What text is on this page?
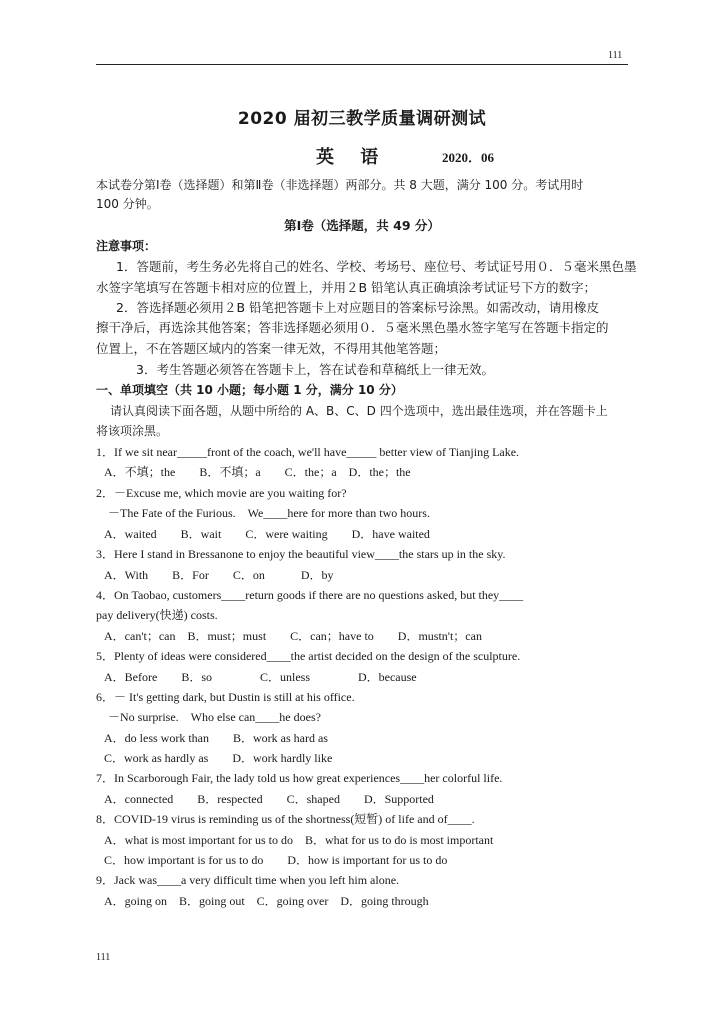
111
2020 届初三教学质量调研测试
英 语	2020．06
本试卷分第Ⅰ卷（选择题）和第Ⅱ卷（非选择题）两部分。共 8 大题，满分 100 分。考试用时
100 分钟。
第Ⅰ卷（选择题，共 49 分）
注意事项：
1．答题前，考生务必先将自己的姓名、学校、考场号、座位号、考试证号用０．５毫米黑色墨
水签字笔填写在答题卡相对应的位置上，并用２B 铅笔认真正确填涂考试证号下方的数字；
2．答选择题必须用２B 铅笔把答题卡上对应题目的答案标号涂黑。如需改动，请用橡皮
擦干净后，再选涂其他答案；答非选择题必须用０．５毫米黑色墨水签字笔写在答题卡指定的
位置上，不在答题区域内的答案一律无效，不得用其他笔答题；
3．考生答题必须答在答题卡上，答在试卷和草稿纸上一律无效。
一、单项填空（共 10 小题；每小题 1 分，满分 10 分）
请认真阅读下面各题，从题中所给的 A、B、C、D 四个选项中，选出最佳选项，并在答题卡上
将该项涂黑。
1．If we sit near_____front of the coach, we'll have_____ better view of Tianjing Lake.
A．不填；the　　B．不填；a　　C．the；a　D．the；the
2．－Excuse me, which movie are you waiting for?
－The Fate of the Furious.　We____here for more than two hours.
A．waited　　B．wait　　C．were waiting　　D．have waited
3．Here I stand in Bressanone to enjoy the beautiful view____the stars up in the sky.
A．With　　B．For　　C．on　　　D．by
4．On Taobao, customers____return goods if there are no questions asked, but they____
pay delivery(快递) costs.
A．can't；can　B．must；must　　C．can；have to　　D．mustn't；can
5．Plenty of ideas were considered____the artist decided on the design of the sculpture.
A．Before　　B．so　　　　C．unless　　　　D．because
6．－ It's getting dark, but Dustin is still at his office.
－No surprise.　Who else can____he does?
A．do less work than　　B．work as hard as
C．work as hardly as　　D．work hardly like
7．In Scarborough Fair, the lady told us how great experiences____her colorful life.
A．connected　　B．respected　　C．shaped　　D．Supported
8．COVID-19 virus is reminding us of the shortness(短暂) of life and of____.
A．what is most important for us to do　B．what for us to do is most important
C．how important is for us to do　　D．how is important for us to do
9．Jack was____a very difficult time when you left him alone.
A．going on　B．going out　C．going over　D．going through
111
